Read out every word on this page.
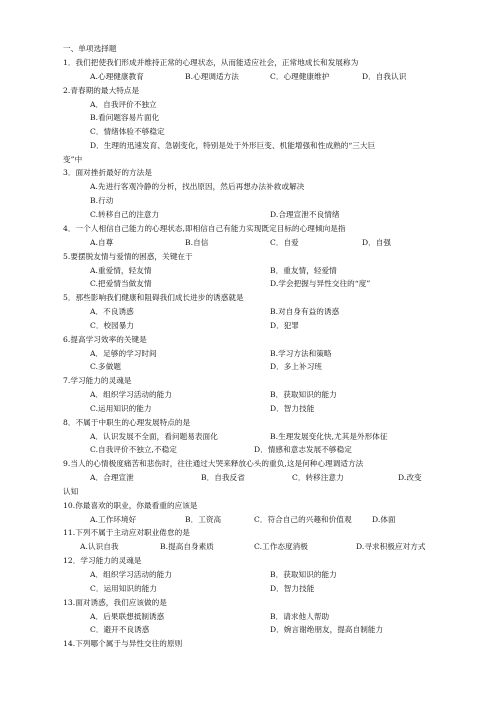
一、单项选择题
1．我们把使我们形成并维持正常的心理状态，从而能适应社会，正常地成长和发展称为
A.心理健康教育	B.心理调适方法	C．心理健康维护	D．自我认识
2.青春期的最大特点是
A．自我评价不独立
B.看问题容易片面化
C．情绪体验不够稳定
D．生理的迅速发育、急剧变化，特别是处于外形巨变、机能增强和性成熟的“三大巨
变”中
3．面对挫折最好的方法是
A.先进行客观冷静的分析，找出原因，然后再想办法补救或解决
B.行动
C.转移自己的注意力	D.合理宣泄不良情绪
4．一个人相信自己能力的心理状态,即相信自己有能力实现既定目标的心理倾向是指
A.自尊	B.自信	C．自爱	D．自强
5.要摆脱友情与爱情的困惑，关键在于
A.重爱情，轻友情	B．重友情，轻爱情
C.把爱情当做友情	D.学会把握与异性交往的“度”
5．那些影响我们健康和阻碍我们成长进步的诱惑就是
A．不良诱惑	B.对自身有益的诱惑
C．校园暴力	D．犯罪
6.提高学习效率的关键是
A．足够的学习时间	B.学习方法和策略
C.多做题	D．多上补习班
7.学习能力的灵魂是
A．组织学习活动的能力	B．获取知识的能力
C.运用知识的能力	D．智力技能
8．不属于中职生的心理发展特点的是
A．认识发展不全面，看问题易表面化	B.生理发展变化快,尤其是外形体征
C.自我评价不独立,不稳定	D．情感和意志发展不够稳定
9.当人的心情极度痛苦和悲伤时，往往通过大哭来释放心头的重负,这是何种心理调适方法
A．合理宣泄	B．自我反省	C．转移注意力	D.改变
认知
10.你最喜欢的职业，你最看重的应该是
A.工作环境好	B．工资高	C．符合自己的兴趣和价值观	D.体面
11.下列不属于主动应对职业倦怠的是
A.认识自我	B.提高自身素质	C.工作态度消极	D.寻求积极应对方式
12．学习能力的灵魂是
A．组织学习活动的能力	B．获取知识的能力
C．运用知识的能力	D．智力技能
13.面对诱惑，我们应该做的是
A．后果联想抵制诱惑	B．请求他人帮助
C．避开不良诱惑	D．婉言谢绝朋友，提高自制能力
14.下列哪个属于与异性交往的原则
